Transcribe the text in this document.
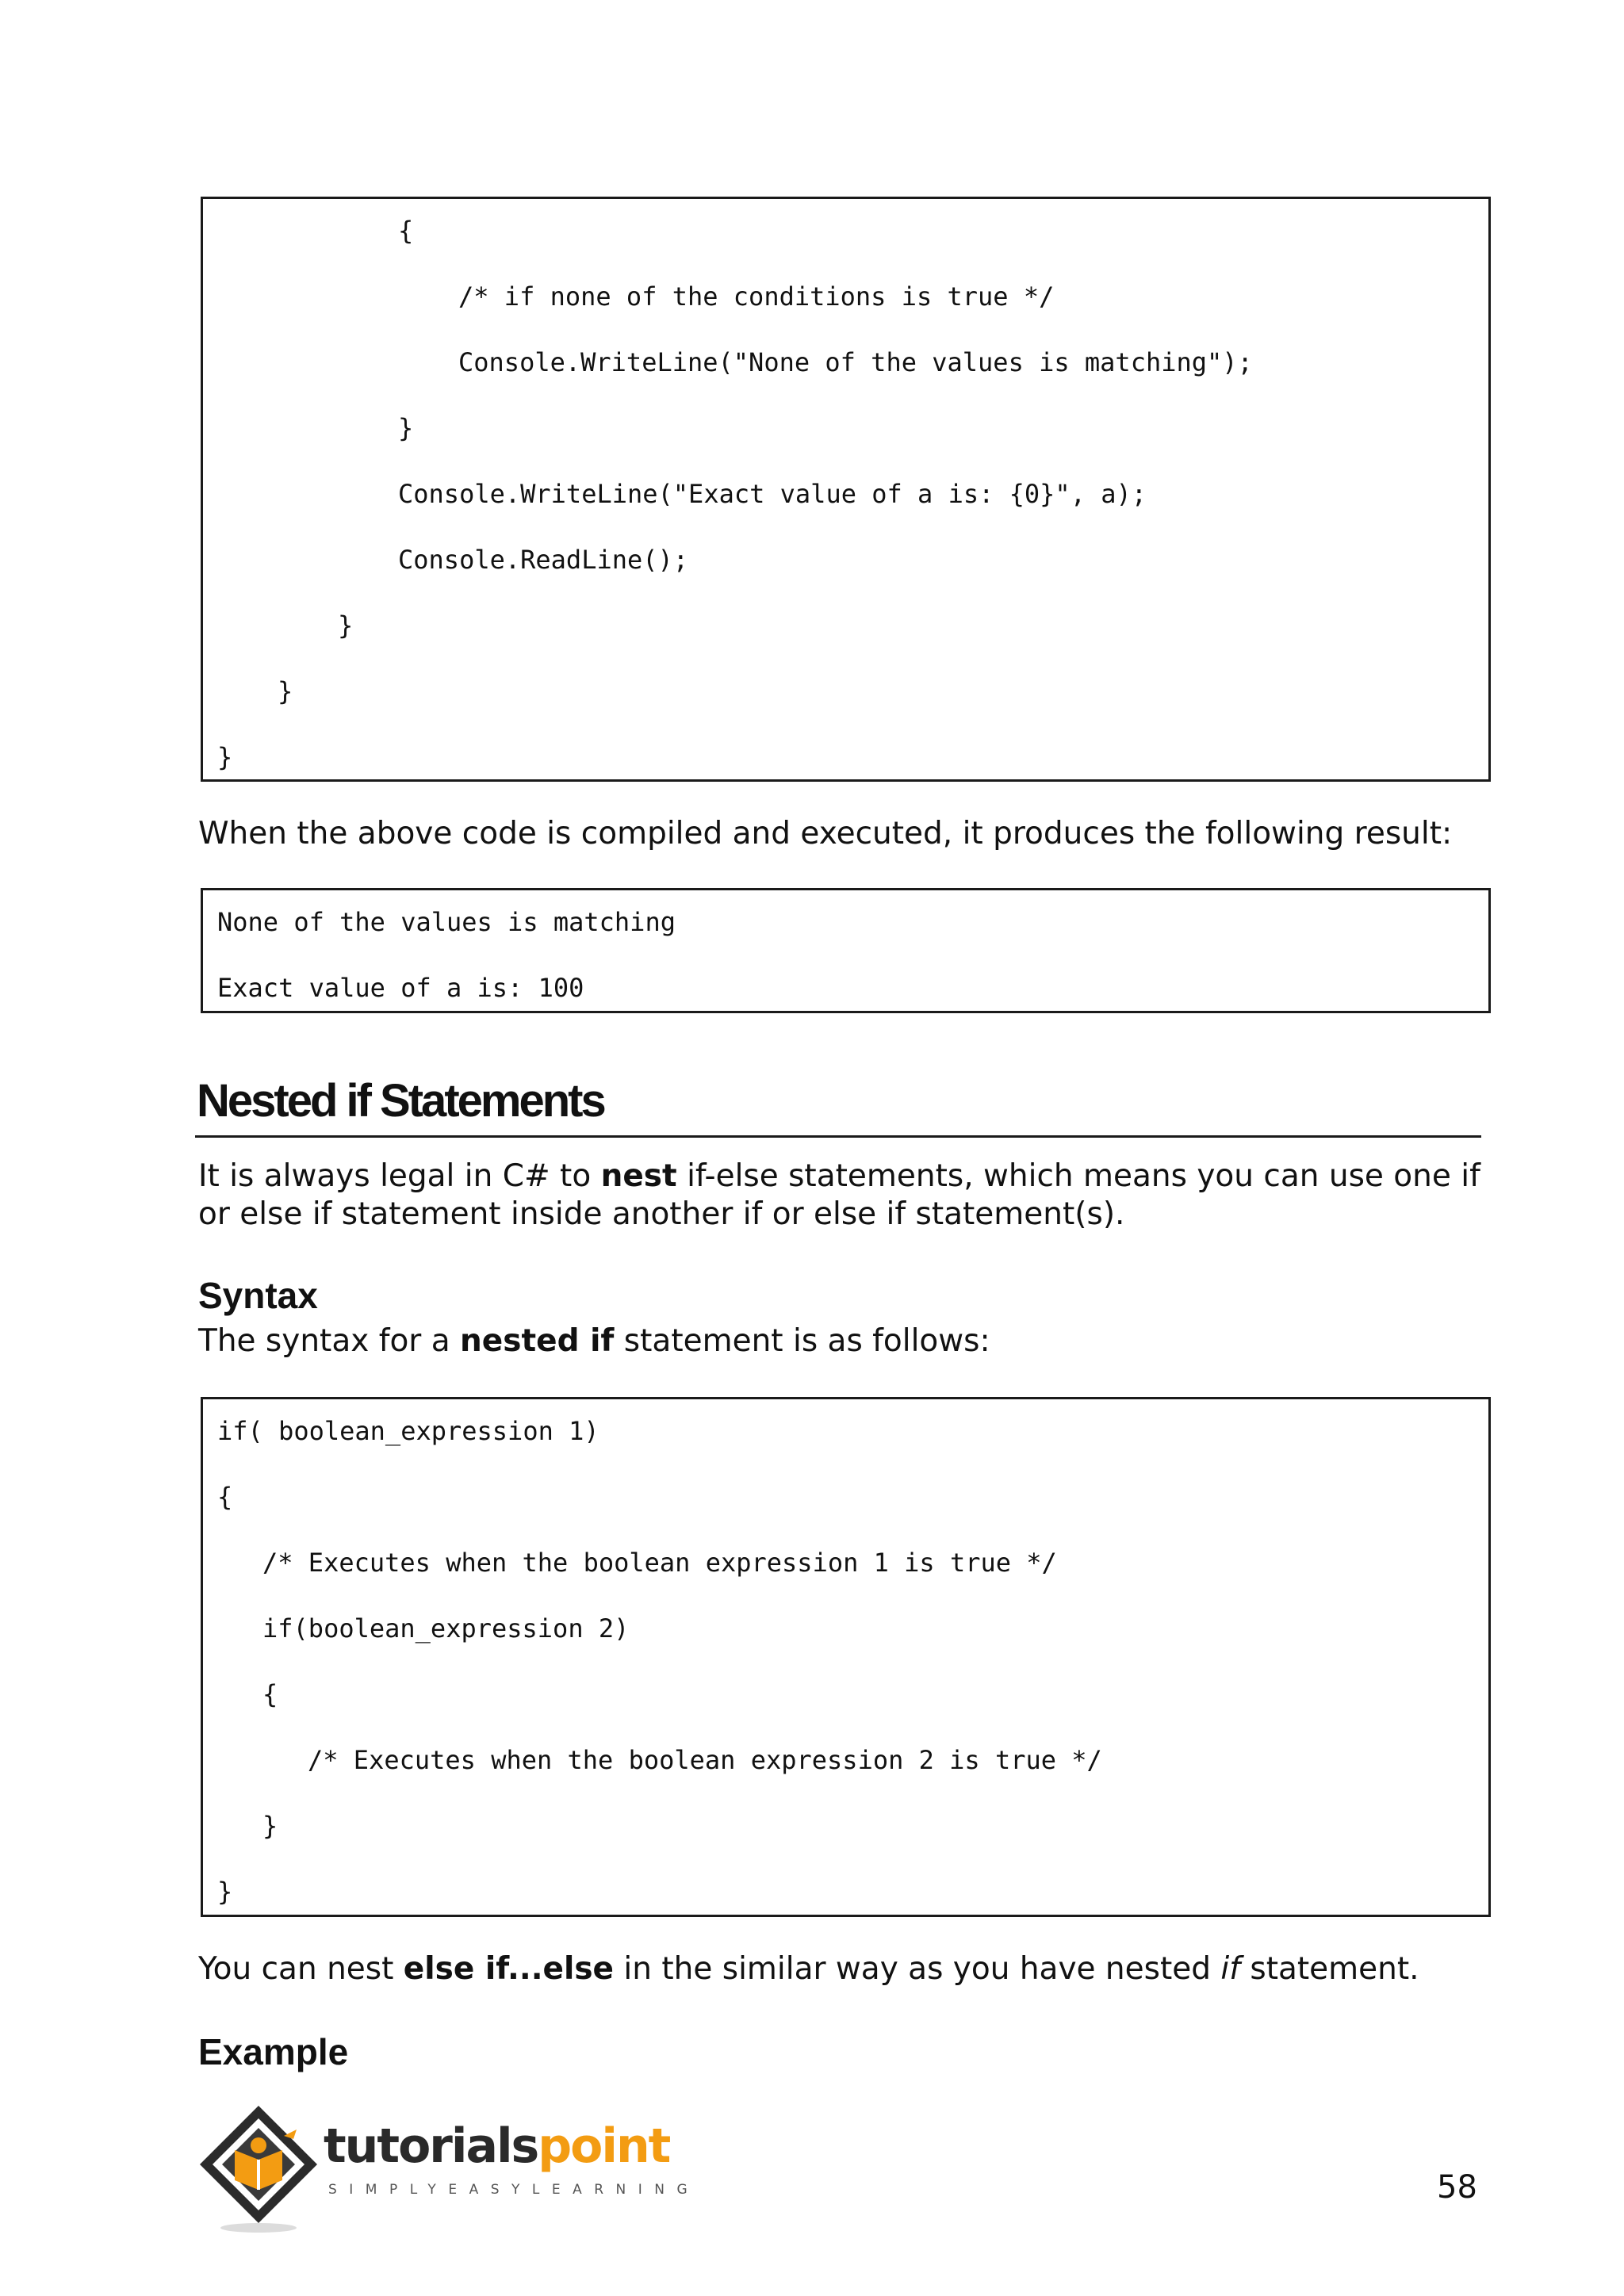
{
/* if none of the conditions is true */
Console.WriteLine("None of the values is matching");
}
Console.WriteLine("Exact value of a is: {0}", a);
Console.ReadLine();
}
}
}
When the above code is compiled and executed, it produces the following result:
None of the values is matching
Exact value of a is: 100
Nested if Statements
It is always legal in C# to nest if-else statements, which means you can use one if
or else if statement inside another if or else if statement(s).
Syntax
The syntax for a nested if statement is as follows:
if( boolean_expression 1)
{
/* Executes when the boolean expression 1 is true */
if(boolean_expression 2)
{
/* Executes when the boolean expression 2 is true */
}
}
You can nest else if...else in the similar way as you have nested if statement.
Example
tutorialspoint
SIMPLYEASYLEARNING	58
